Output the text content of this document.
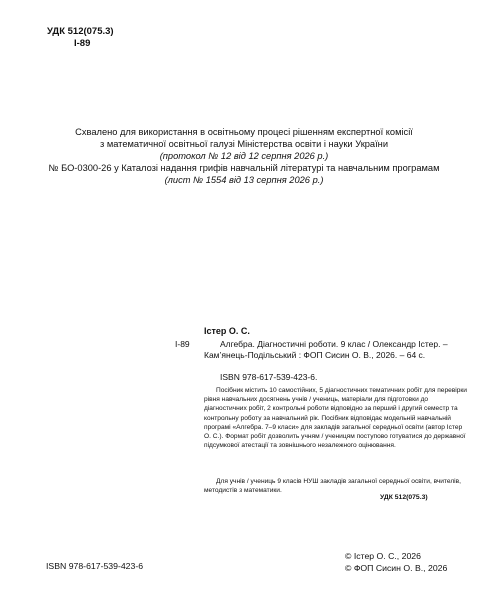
УДК 512(075.3)
І-89
Схвалено для використання в освітньому процесі рішенням експертної комісії
з математичної освітньої галузі Міністерства освіти і науки України
(протокол № 12 від 12 серпня 2026 р.)
№ БО-0300-26 у Каталозі надання грифів навчальній літературі та навчальним програмам
(лист № 1554 від 13 серпня 2026 р.)
І-89
Істер О. С.
Алгебра. Діагностичні роботи. 9 клас / Олександр Істер. – Кам’янець-Подільський : ФОП Сисин О. В., 2026. – 64 с.
ISBN 978-617-539-423-6.
Посібник містить 10 самостійних, 5 діагностичних тематичних робіт для перевірки рівня навчальних досягнень учнів / учениць, матеріали для підготовки до діагностичних робіт, 2 контрольні роботи відповідно за перший і другий семестр та контрольну роботу за навчальний рік. Посібник відповідає модельній навчальній програмі «Алгебра. 7–9 класи» для закладів загальної середньої освіти (автор Істер О. С.). Формат робіт дозволить учням / ученицям поступово готуватися до державної підсумкової атестації та зовнішнього незалежного оцінювання.
Для учнів / учениць 9 класів НУШ закладів загальної середньої освіти, вчителів, методистів з математики.
УДК 512(075.3)
ISBN 978-617-539-423-6
© Істер О. С., 2026
© ФОП Сисин О. В., 2026
